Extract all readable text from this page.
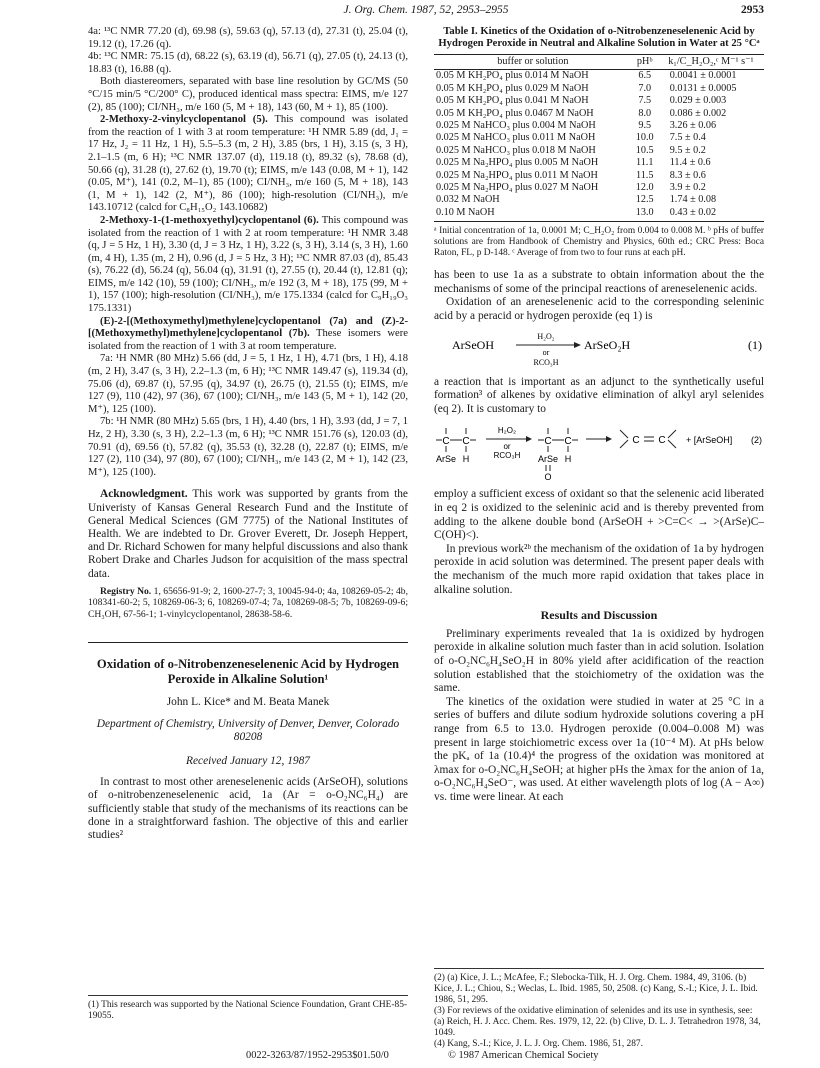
J. Org. Chem. 1987, 52, 2953–2955	2953

4a: ¹³C NMR 77.20 (d), 69.98 (s), 59.63 (q), 57.13 (d), 27.31 (t), 25.04 (t), 19.12 (t), 17.26 (q).

4b: ¹³C NMR: 75.15 (d), 68.22 (s), 63.19 (d), 56.71 (q), 27.05 (t), 24.13 (t), 18.83 (t), 16.88 (q).

Both diastereomers, separated with base line resolution by GC/MS (50 °C/15 min/5 °C/200° C), produced identical mass spectra: EIMS, m/e 127 (2), 85 (100); CI/NH₃, m/e 160 (5, M + 18), 143 (60, M + 1), 85 (100).

2-Methoxy-2-vinylcyclopentanol (5). This compound was isolated from the reaction of 1 with 3 at room temperature: ¹H NMR 5.89 (dd, J₁ = 17 Hz, J₂ = 11 Hz, 1 H), 5.5–5.3 (m, 2 H), 3.85 (brs, 1 H), 3.15 (s, 3 H), 2.1–1.5 (m, 6 H); ¹³C NMR 137.07 (d), 119.18 (t), 89.32 (s), 78.68 (d), 50.66 (q), 31.28 (t), 27.62 (t), 19.70 (t); EIMS, m/e 143 (0.08, M + 1), 142 (0.05, M⁺), 141 (0.2, M–1), 85 (100); CI/NH₃, m/e 160 (5, M + 18), 143 (1, M + 1), 142 (2, M⁺), 86 (100); high-resolution (CI/NH₃), m/e 143.10712 (calcd for C₈H₁₅O₂ 143.10682)

2-Methoxy-1-(1-methoxyethyl)cyclopentanol (6). This compound was isolated from the reaction of 1 with 2 at room temperature: ¹H NMR 3.48 (q, J = 5 Hz, 1 H), 3.30 (d, J = 3 Hz, 1 H), 3.22 (s, 3 H), 3.14 (s, 3 H), 1.60 (m, 4 H), 1.35 (m, 2 H), 0.96 (d, J = 5 Hz, 3 H); ¹³C NMR 87.03 (d), 85.43 (s), 76.22 (d), 56.24 (q), 56.04 (q), 31.91 (t), 27.55 (t), 20.44 (t), 12.81 (q); EIMS, m/e 142 (10), 59 (100); CI/NH₃, m/e 192 (3, M + 18), 175 (99, M + 1), 157 (100); high-resolution (CI/NH₃), m/e 175.1334 (calcd for C₉H₁₉O₃ 175.1331)

(E)-2-[(Methoxymethyl)methylene]cyclopentanol (7a) and (Z)-2-[(Methoxymethyl)methylene]cyclopentanol (7b). These isomers were isolated from the reaction of 1 with 3 at room temperature.

7a: ¹H NMR (80 MHz) 5.66 (dd, J = 5, 1 Hz, 1 H), 4.71 (brs, 1 H), 4.18 (m, 2 H), 3.47 (s, 3 H), 2.2–1.3 (m, 6 H); ¹³C NMR 149.47 (s), 119.34 (d), 75.06 (d), 69.87 (t), 57.95 (q), 34.97 (t), 26.75 (t), 21.55 (t); EIMS, m/e 127 (9), 110 (42), 97 (36), 67 (100); CI/NH₃, m/e 143 (5, M + 1), 142 (20, M⁺), 125 (100).

7b: ¹H NMR (80 MHz) 5.65 (brs, 1 H), 4.40 (brs, 1 H), 3.93 (dd, J = 7, 1 Hz, 2 H), 3.30 (s, 3 H), 2.2–1.3 (m, 6 H); ¹³C NMR 151.76 (s), 120.03 (d), 70.91 (d), 69.56 (t), 57.82 (q), 35.53 (t), 32.28 (t), 22.87 (t); EIMS, m/e 127 (2), 110 (34), 97 (80), 67 (100); CI/NH₃, m/e 143 (2, M + 1), 142 (23, M⁺), 125 (100).

Acknowledgment. This work was supported by grants from the Univeristy of Kansas General Research Fund and the Institute of General Medical Sciences (GM 7775) of the National Institutes of Health. We are indebted to Dr. Grover Everett, Dr. Joseph Heppert, and Dr. Richard Schowen for many helpful discussions and also thank Robert Drake and Charles Judson for acquisition of the mass spectral data.

Registry No. 1, 65656-91-9; 2, 1600-27-7; 3, 10045-94-0; 4a, 108269-05-2; 4b, 108341-60-2; 5, 108269-06-3; 6, 108269-07-4; 7a, 108269-08-5; 7b, 108269-09-6; CH₃OH, 67-56-1; 1-vinylcyclopentanol, 28638-58-6.

Oxidation of o-Nitrobenzeneselenenic Acid by Hydrogen Peroxide in Alkaline Solution¹

John L. Kice* and M. Beata Manek

Department of Chemistry, University of Denver, Denver, Colorado 80208

Received January 12, 1987

In contrast to most other areneselenenic acids (ArSeOH), solutions of o-nitrobenzeneselenenic acid, 1a (Ar = o-O₂NC₆H₄) are sufficiently stable that study of the mechanisms of its reactions can be done in a straightforward fashion. The objective of this and earlier studies²

(1) This research was supported by the National Science Foundation, Grant CHE-85-19055.

Table I. Kinetics of the Oxidation of o-Nitrobenzeneselenenic Acid by Hydrogen Peroxide in Neutral and Alkaline Solution in Water at 25 °Cᵃ

buffer or solution	pHᵇ	k₁/C_H₂O₂,ᶜ M⁻¹ s⁻¹
0.05 M KH₂PO₄ plus 0.014 M NaOH	6.5	0.0041 ± 0.0001
0.05 M KH₂PO₄ plus 0.029 M NaOH	7.0	0.0131 ± 0.0005
0.05 M KH₂PO₄ plus 0.041 M NaOH	7.5	0.029 ± 0.003
0.05 M KH₂PO₄ plus 0.0467 M NaOH	8.0	0.086 ± 0.002
0.025 M NaHCO₃ plus 0.004 M NaOH	9.5	3.26 ± 0.06
0.025 M NaHCO₃ plus 0.011 M NaOH	10.0	7.5 ± 0.4
0.025 M NaHCO₃ plus 0.018 M NaOH	10.5	9.5 ± 0.2
0.025 M Na₂HPO₄ plus 0.005 M NaOH	11.1	11.4 ± 0.6
0.025 M Na₂HPO₄ plus 0.011 M NaOH	11.5	8.3 ± 0.6
0.025 M Na₂HPO₄ plus 0.027 M NaOH	12.0	3.9 ± 0.2
0.032 M NaOH	12.5	1.74 ± 0.08
0.10 M NaOH	13.0	0.43 ± 0.02

ᵃ Initial concentration of 1a, 0.0001 M; C_H₂O₂ from 0.004 to 0.008 M. ᵇ pHs of buffer solutions are from Handbook of Chemistry and Physics, 60th ed.; CRC Press: Boca Raton, FL, p D-148. ᶜ Average of from two to four runs at each pH.

has been to use 1a as a substrate to obtain information about the the mechanisms of some of the principal reactions of areneselenenic acids.

Oxidation of an areneselenenic acid to the corresponding seleninic acid by a peracid or hydrogen peroxide (eq 1) is

ArSeOH
H₂O₂
or
RCO₃H
ArSeO₂H	(1)

a reaction that is important as an adjunct to the synthetically useful formation³ of alkenes by oxidative elimination of alkyl aryl selenides (eq 2). It is customary to

C C
ArSe H
H₂O₂
or
RCO₃H
C C
ArSe H
O
C C + [ArSeOH] (2)

employ a sufficient excess of oxidant so that the selenenic acid liberated in eq 2 is oxidized to the seleninic acid and is thereby prevented from adding to the alkene double bond (ArSeOH + >C=C< → >(ArSe)C–C(OH)<).

In previous work²ᵇ the mechanism of the oxidation of 1a by hydrogen peroxide in acid solution was determined. The present paper deals with the mechanism of the much more rapid oxidation that takes place in alkaline solution.

Results and Discussion

Preliminary experiments revealed that 1a is oxidized by hydrogen peroxide in alkaline solution much faster than in acid solution. Isolation of o-O₂NC₆H₄SeO₂H in 80% yield after acidification of the reaction solution established that the stoichiometry of the oxidation was the same.

The kinetics of the oxidation were studied in water at 25 °C in a series of buffers and dilute sodium hydroxide solutions covering a pH range from 6.5 to 13.0. Hydrogen peroxide (0.004–0.008 M) was present in large stoichiometric excess over 1a (10⁻⁴ M). At pHs below the pKₐ of 1a (10.4)⁴ the progress of the oxidation was monitored at λmax for o-O₂NC₆H₄SeOH; at higher pHs the λmax for the anion of 1a, o-O₂NC₆H₄SeO⁻, was used. At either wavelength plots of log (A − A∞) vs. time were linear. At each

(2) (a) Kice, J. L.; McAfee, F.; Slebocka-Tilk, H. J. Org. Chem. 1984, 49, 3106. (b) Kice, J. L.; Chiou, S.; Weclas, L. Ibid. 1985, 50, 2508. (c) Kang, S.-I.; Kice, J. L. Ibid. 1986, 51, 295.

(3) For reviews of the oxidative elimination of selenides and its use in synthesis, see: (a) Reich, H. J. Acc. Chem. Res. 1979, 12, 22. (b) Clive, D. L. J. Tetrahedron 1978, 34, 1049.

(4) Kang, S.-I.; Kice, J. L. J. Org. Chem. 1986, 51, 287.

0022-3263/87/1952-2953$01.50/0	© 1987 American Chemical Society
